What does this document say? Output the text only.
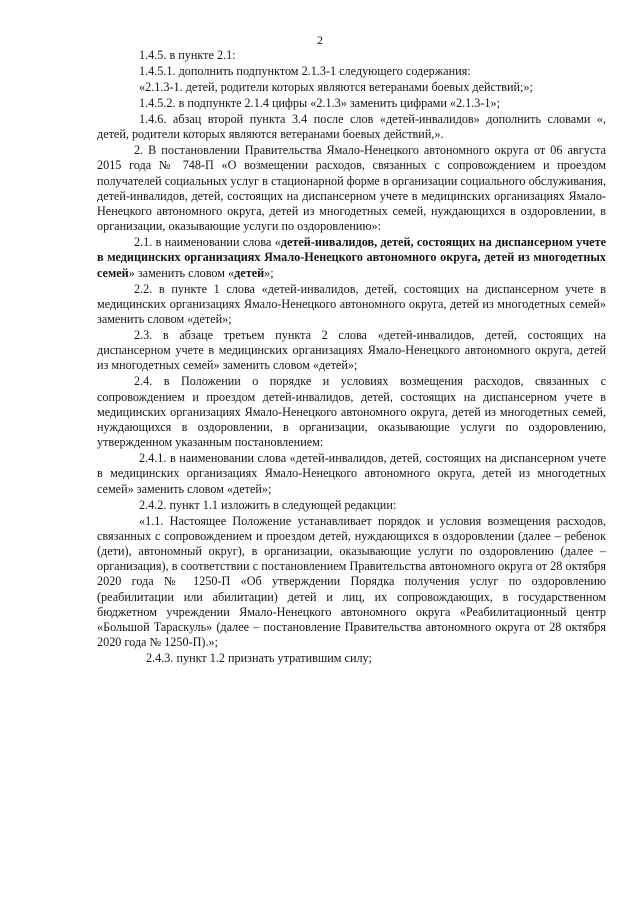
2

1.4.5. в пункте 2.1:

1.4.5.1. дополнить подпунктом 2.1.3-1 следующего содержания:

«2.1.3-1. детей, родители которых являются ветеранами боевых действий;»;

1.4.5.2. в подпункте 2.1.4 цифры «2.1.3» заменить цифрами «2.1.3-1»;

1.4.6. абзац второй пункта 3.4 после слов «детей-инвалидов» дополнить словами «, детей, родители которых являются ветеранами боевых действий,».

2. В постановлении Правительства Ямало-Ненецкого автономного округа от 06 августа 2015 года № 748-П «О возмещении расходов, связанных с сопровождением и проездом получателей социальных услуг в стационарной форме в организации социального обслуживания, детей-инвалидов, детей, состоящих на диспансерном учете в медицинских организациях Ямало-Ненецкого автономного округа, детей из многодетных семей, нуждающихся в оздоровлении, в организации, оказывающие услуги по оздоровлению»:

2.1. в наименовании слова «детей-инвалидов, детей, состоящих на диспансерном учете в медицинских организациях Ямало-Ненецкого автономного округа, детей из многодетных семей» заменить словом «детей»;

2.2. в пункте 1 слова «детей-инвалидов, детей, состоящих на диспансерном учете в медицинских организациях Ямало-Ненецкого автономного округа, детей из многодетных семей» заменить словом «детей»;

2.3. в абзаце третьем пункта 2 слова «детей-инвалидов, детей, состоящих на диспансерном учете в медицинских организациях Ямало-Ненецкого автономного округа, детей из многодетных семей» заменить словом «детей»;

2.4. в Положении о порядке и условиях возмещения расходов, связанных с сопровождением и проездом детей-инвалидов, детей, состоящих на диспансерном учете в медицинских организациях Ямало-Ненецкого автономного округа, детей из многодетных семей, нуждающихся в оздоровлении, в организации, оказывающие услуги по оздоровлению, утвержденном указанным постановлением:

2.4.1. в наименовании слова «детей-инвалидов, детей, состоящих на диспансерном учете в медицинских организациях Ямало-Ненецкого автономного округа, детей из многодетных семей» заменить словом «детей»;

2.4.2. пункт 1.1 изложить в следующей редакции:

«1.1. Настоящее Положение устанавливает порядок и условия возмещения расходов, связанных с сопровождением и проездом детей, нуждающихся в оздоровлении (далее – ребенок (дети), автономный округ), в организации, оказывающие услуги по оздоровлению (далее – организация), в соответствии с постановлением Правительства автономного округа от 28 октября 2020 года № 1250-П «Об утверждении Порядка получения услуг по оздоровлению (реабилитации или абилитации) детей и лиц, их сопровождающих, в государственном бюджетном учреждении Ямало-Ненецкого автономного округа «Реабилитационный центр «Большой Тараскуль» (далее – постановление Правительства автономного округа от 28 октября 2020 года № 1250-П).»;

2.4.3. пункт 1.2 признать утратившим силу;
